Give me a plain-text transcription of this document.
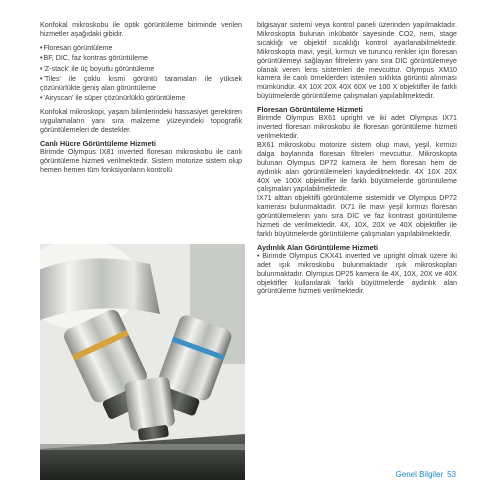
Konfokal mikroskobu ile optik görüntüleme biriminde verilen hizmetler aşağıdaki gibidir.

•Floresan görüntüleme
•BF, DIC, faz kontras görüntüleme
•'Z-stack' ile üç boyutlu görüntüleme
•'Tiles' ile çoklu kısmi görüntü taramaları ile yüksek çözünürlükte geniş alan görüntüleme
•'Airyscan' ile süper çözünürlüklü görüntüleme

Konfokal mikroskopi, yaşam bilimlerindeki hassasiyet gerektiren uygulamaların yanı sıra malzeme yüzeyindeki topografik görüntülemeleri de destekler.

Canlı Hücre Görüntüleme Hizmeti

Birimde Olympus IX81 inverted floresan mikroskobu ile canlı görüntüleme hizmeti verilmektedir. Sistem motorize sistem olup hemen hemen tüm fonksiyonların kontrolü

bilgisayar sistemi veya kontrol paneli üzerinden yapılmaktadır. Mikroskopta bulunan inkübatör sayesinde CO2, nem, stage sıcaklığı ve objektif sıcaklığı kontrol ayarlanabilmektedir. Mikroskopta mavi, yeşil, kırmızı ve turuncu renkler için floresan görüntülemeyi sağlayan filtrelerin yanı sıra DIC görüntülemeye olanak veren lens sistemleri de mevcuttur. Olympus XM10 kamera ile canlı örneklerden istenilen sıklıkta görüntü alınması mümkündür. 4X 10X 20X 40X 60X ve 100 X objektifler ile farklı büyütmelerde görüntüleme çalışmaları yapılabilmektedir.

Floresan Görüntüleme Hizmeti

Birimde Olympus BX61 upright ve iki adet Olympus IX71 inverted floresan mikroskobu ile floresan görüntüleme hizmeti verilmektedir.

BX61 mikroskobu motorize sistem olup mavi, yeşil, kırmızı dalga boylarında floresan filtreleri mevcuttur. Mikroskopta bulunan Olympus DP72 kamera ile hem floresan hem de aydınlık alan görüntülemeleri kaydedilmektedir. 4X 10X 20X 40X ve 100X objektifler ile farklı büyütmelerde görüntüleme çalışmaları yapılabilmektedir.

IX71 alttan objektifli görüntüleme sistemidir ve Olympus DP72 kamerası bulunmaktadır. IX71 ile mavi yeşil kırmızı floresan görüntülemelerin yanı sıra DIC ve faz kontrast görüntüleme hizmeti de verilmektedir. 4X, 10X, 20X ve 40X objektifler ile farklı büyütmelerde görüntüleme çalışmaları yapılabilmektedir.

Aydınlık Alan Görüntüleme Hizmeti

• Birimde Olympus CKX41 inverted ve upright olmak üzere iki adet ışık mikroskobu bulunmaktadır ışık mikroskopları bulunmaktadır. Olympus DP25 kamera ile 4X, 10X, 20X ve 40X objektifler kullanılarak farklı büyütmelerde aydınlık alan görüntüleme hizmeti verilmektedir.

Genel Bilgiler 53
